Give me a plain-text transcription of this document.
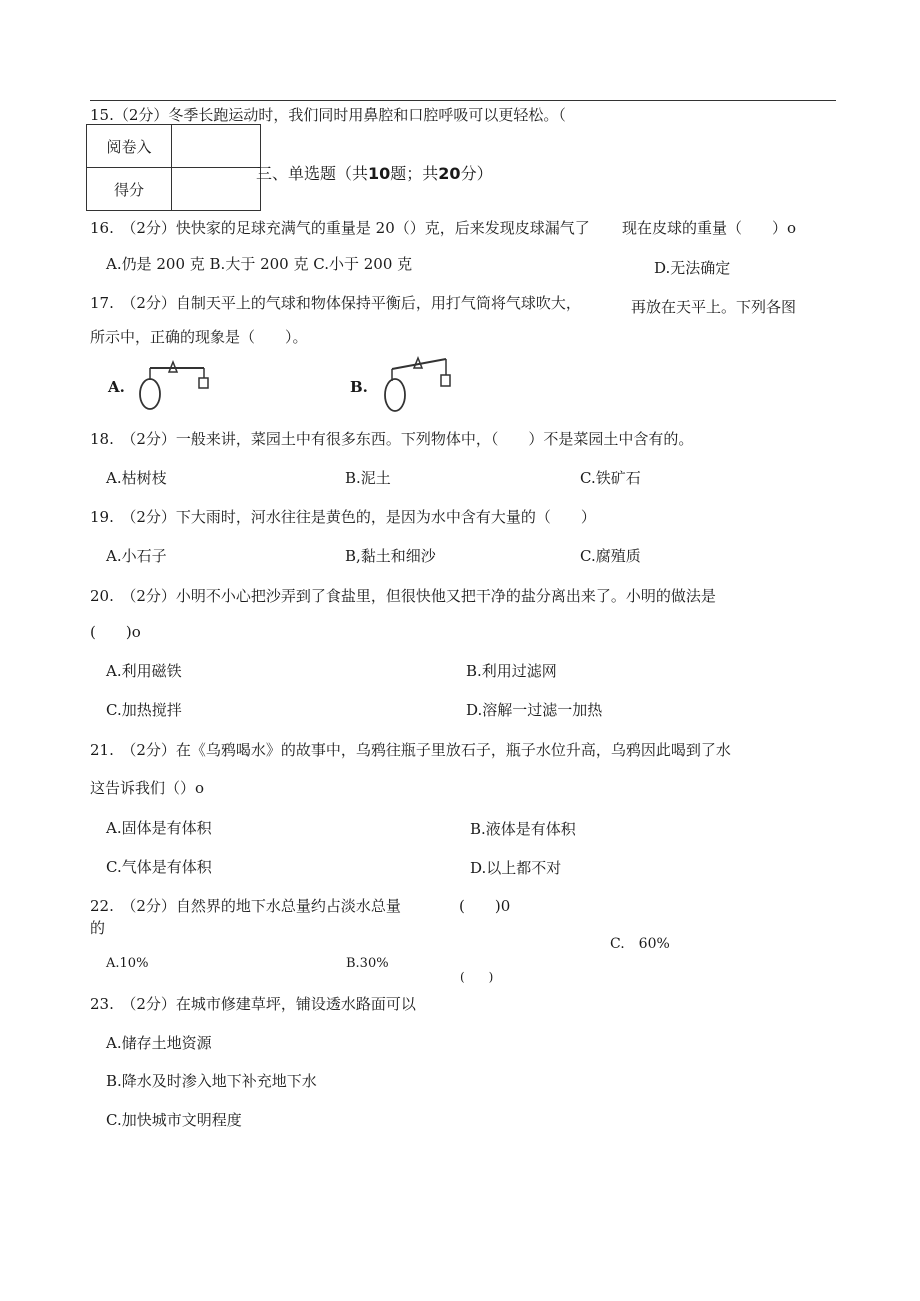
15.（2分）冬季长跑运动时，我们同时用鼻腔和口腔呼吸可以更轻松。（
阅卷入	
得分	
三、单选题（共10题；共20分）
16.　（2分）快快家的足球充满气的重量是 20（）克，后来发现皮球漏气了 现在皮球的重量（　　）o
A.仍是 200 克 B.大于 200 克 C.小于 200 克	D.无法确定
17.　（2分）自制天平上的气球和物体保持平衡后，用打气筒将气球吹大，	再放在天平上。下列各图
所示中，正确的现象是（　　）。
A.	B.
18.　（2分）一般来讲，菜园土中有很多东西。下列物体中，（　　）不是菜园土中含有的。
A.枯树枝	B.泥土	C.铁矿石
19.　（2分）下大雨时，河水往往是黄色的，是因为水中含有大量的（　　）
A.小石子	B,黏土和细沙	C.腐殖质
20.　（2分）小明不小心把沙弄到了食盐里，但很快他又把干净的盐分离出来了。小明的做法是
(　　)o
A.利用磁铁	B.利用过滤网
C.加热搅拌	D.溶解一过滤一加热
21.　（2分）在《乌鸦喝水》的故事中，乌鸦往瓶子里放石子，瓶子水位升高，乌鸦因此喝到了水
这告诉我们（）o
A.固体是有体积	B.液体是有体积
C.气体是有体积	D.以上都不对
22.　（2分）自然界的地下水总量约占淡水总量	(　　)0
的
C.　60%
A.10%	B.30%
(　　)
23.　（2分）在城市修建草坪，铺设透水路面可以
A.储存土地资源
B.降水及时渗入地下补充地下水
C.加快城市文明程度
